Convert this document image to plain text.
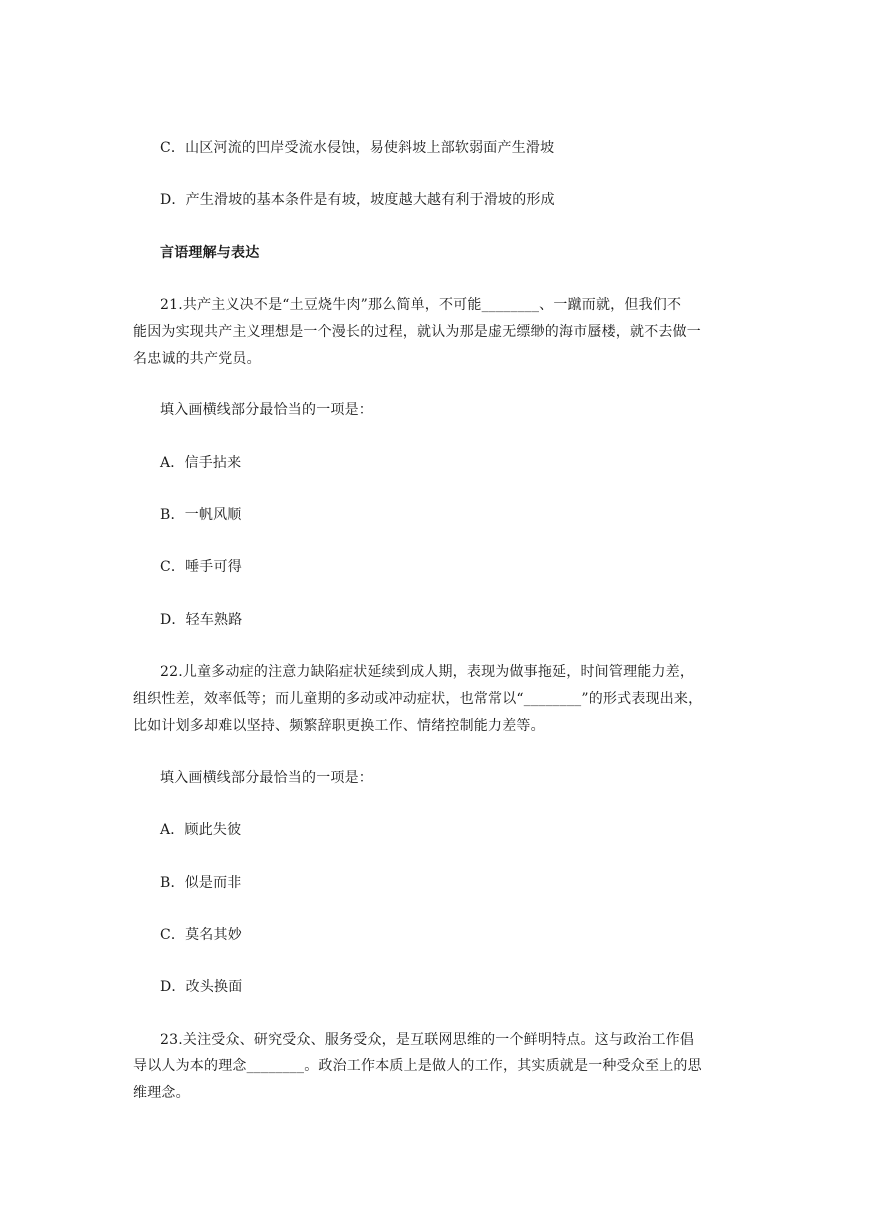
C．山区河流的凹岸受流水侵蚀，易使斜坡上部软弱面产生滑坡
D．产生滑坡的基本条件是有坡，坡度越大越有利于滑坡的形成
言语理解与表达
21.共产主义决不是“土豆烧牛肉”那么简单，不可能________、一蹴而就，但我们不
能因为实现共产主义理想是一个漫长的过程，就认为那是虚无缥缈的海市蜃楼，就不去做一
名忠诚的共产党员。
填入画横线部分最恰当的一项是：
A．信手拈来
B．一帆风顺
C．唾手可得
D．轻车熟路
22.儿童多动症的注意力缺陷症状延续到成人期，表现为做事拖延，时间管理能力差，
组织性差，效率低等；而儿童期的多动或冲动症状，也常常以“________”的形式表现出来，
比如计划多却难以坚持、频繁辞职更换工作、情绪控制能力差等。
填入画横线部分最恰当的一项是：
A．顾此失彼
B．似是而非
C．莫名其妙
D．改头换面
23.关注受众、研究受众、服务受众，是互联网思维的一个鲜明特点。这与政治工作倡
导以人为本的理念________。政治工作本质上是做人的工作，其实质就是一种受众至上的思
维理念。
